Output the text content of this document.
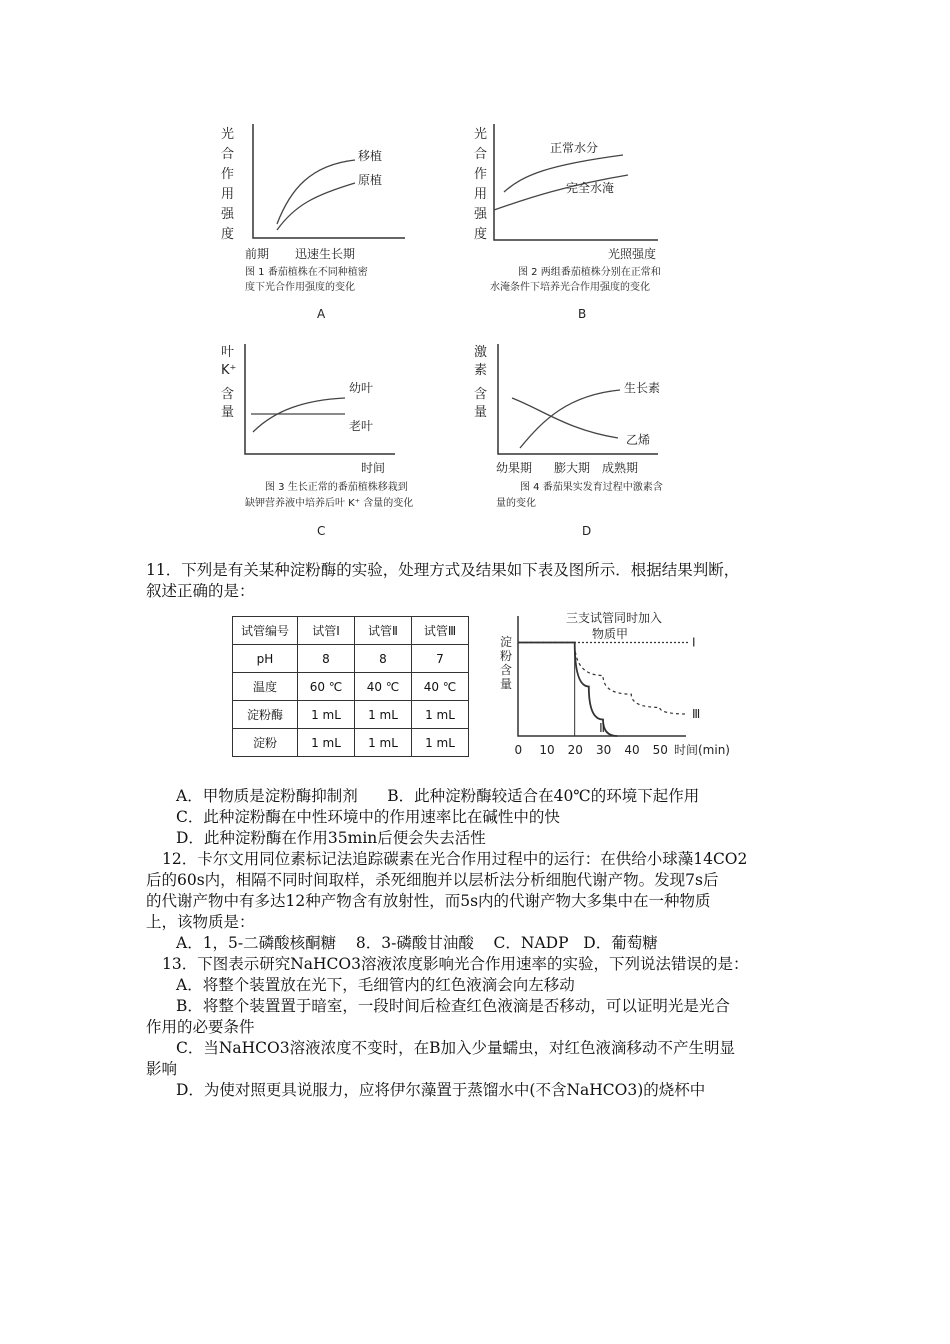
光
合
作
用
强
度
移植
原植
前期 迅速生长期
图 1 番茄植株在不同种植密
度下光合作用强度的变化
A
光
合
作
用
强
度
正常水分
完全水淹
光照强度
图 2 两组番茄植株分别在正常和
水淹条件下培养光合作用强度的变化
B
叶
K⁺
含
量
幼叶
老叶
时间
图 3 生长正常的番茄植株移栽到
缺钾营养液中培养后叶 K⁺ 含量的变化
C
激
素
含
量
生长素
乙烯
幼果期 膨大期 成熟期
图 4 番茄果实发育过程中激素含
量的变化
D
11．下列是有关某种淀粉酶的实验，处理方式及结果如下表及图所示．根据结果判断，
叙述正确的是：
试管编号	试管Ⅰ	试管Ⅱ	试管Ⅲ
pH	8	8	7
温度	60 ℃	40 ℃	40 ℃
淀粉酶	1 mL	1 mL	1 mL
淀粉	1 mL	1 mL	1 mL
三支试管同时加入
物质甲
淀
粉
含
量
Ⅰ
Ⅱ
Ⅲ
0 10 20 30 40 50 时间(min)
A．甲物质是淀粉酶抑制剂      B．此种淀粉酶较适合在40℃的环境下起作用
C．此种淀粉酶在中性环境中的作用速率比在碱性中的快
D．此种淀粉酶在作用35min后便会失去活性
12．卡尔文用同位素标记法追踪碳素在光合作用过程中的运行：在供给小球藻14CO2
后的60s内，相隔不同时间取样，杀死细胞并以层析法分析细胞代谢产物。发现7s后
的代谢产物中有多达12种产物含有放射性，而5s内的代谢产物大多集中在一种物质
上，该物质是：
A．1，5-二磷酸核酮糖    8．3-磷酸甘油酸    C．NADP   D．葡萄糖
13．下图表示研究NaHCO3溶液浓度影响光合作用速率的实验，下列说法错误的是：
A．将整个装置放在光下，毛细管内的红色液滴会向左移动
B．将整个装置置于暗室，一段时间后检查红色液滴是否移动，可以证明光是光合
作用的必要条件
C．当NaHCO3溶液浓度不变时，在B加入少量蠕虫，对红色液滴移动不产生明显
影响
D．为使对照更具说服力，应将伊尔藻置于蒸馏水中(不含NaHCO3)的烧杯中
